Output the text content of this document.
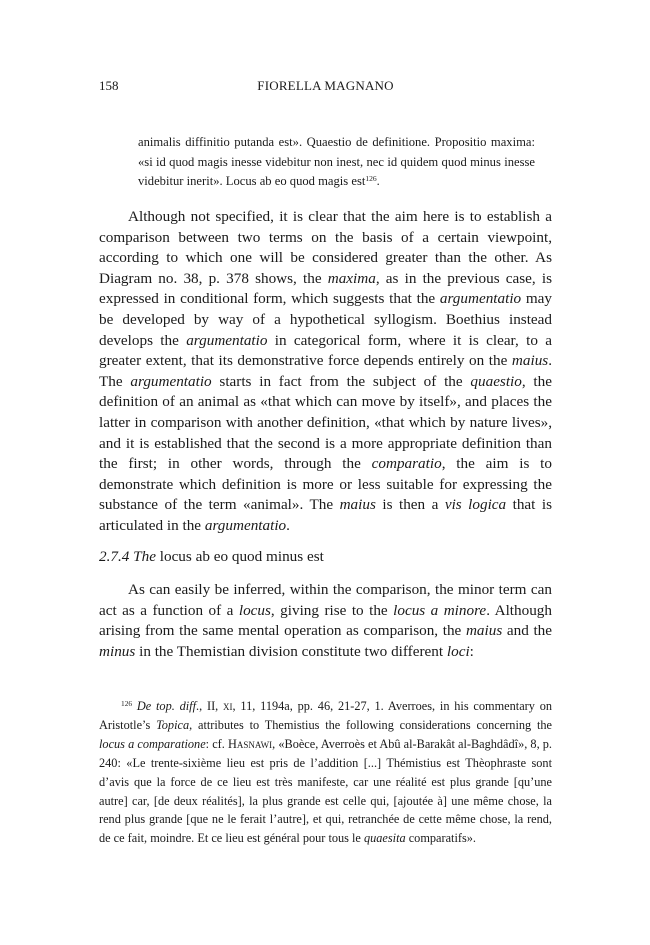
158	FIORELLA MAGNANO
animalis diffinitio putanda est». Quaestio de definitione. Propositio maxima: «si id quod magis inesse videbitur non inest, nec id quidem quod minus inesse videbitur inerit». Locus ab eo quod magis est$^{126}$.

Although not specified, it is clear that the aim here is to establish a comparison between two terms on the basis of a certain viewpoint, according to which one will be considered greater than the other. As Diagram no. 38, p. 378 shows, the maxima, as in the previous case, is expressed in conditional form, which suggests that the argumentatio may be developed by way of a hypothetical syllogism. Boethius instead develops the argumentatio in categorical form, where it is clear, to a greater extent, that its demonstrative force depends entirely on the maius. The argumentatio starts in fact from the subject of the quaestio, the definition of an animal as «that which can move by itself», and places the latter in comparison with another definition, «that which by nature lives», and it is established that the second is a more appropriate definition than the first; in other words, through the comparatio, the aim is to demonstrate which definition is more or less suitable for expressing the substance of the term «animal». The maius is then a vis logica that is articulated in the argumentatio.

2.7.4 The locus ab eo quod minus est

As can easily be inferred, within the comparison, the minor term can act as a function of a locus, giving rise to the locus a minore. Although arising from the same mental operation as comparison, the maius and the minus in the Themistian division constitute two different loci:

$^{126}$ De top. diff., II, xi, 11, 1194a, pp. 46, 21-27, 1. Averroes, in his commentary on Aristotle’s Topica, attributes to Themistius the following considerations concerning the locus a comparatione: cf. Hasnawi, «Boèce, Averroès et Abû al-Barakât al-Baghdâdî», 8, p. 240: «Le trente-sixième lieu est pris de l’addition [...] Thémistius est Thèophraste sont d’avis que la force de ce lieu est très manifeste, car une réalité est plus grande [qu’une autre] car, [de deux réalités], la plus grande est celle qui, [ajoutée à] une même chose, la rend plus grande [que ne le ferait l’autre], et qui, retranchée de cette même chose, la rend, de ce fait, moindre. Et ce lieu est général pour tous le quaesita comparatifs».
